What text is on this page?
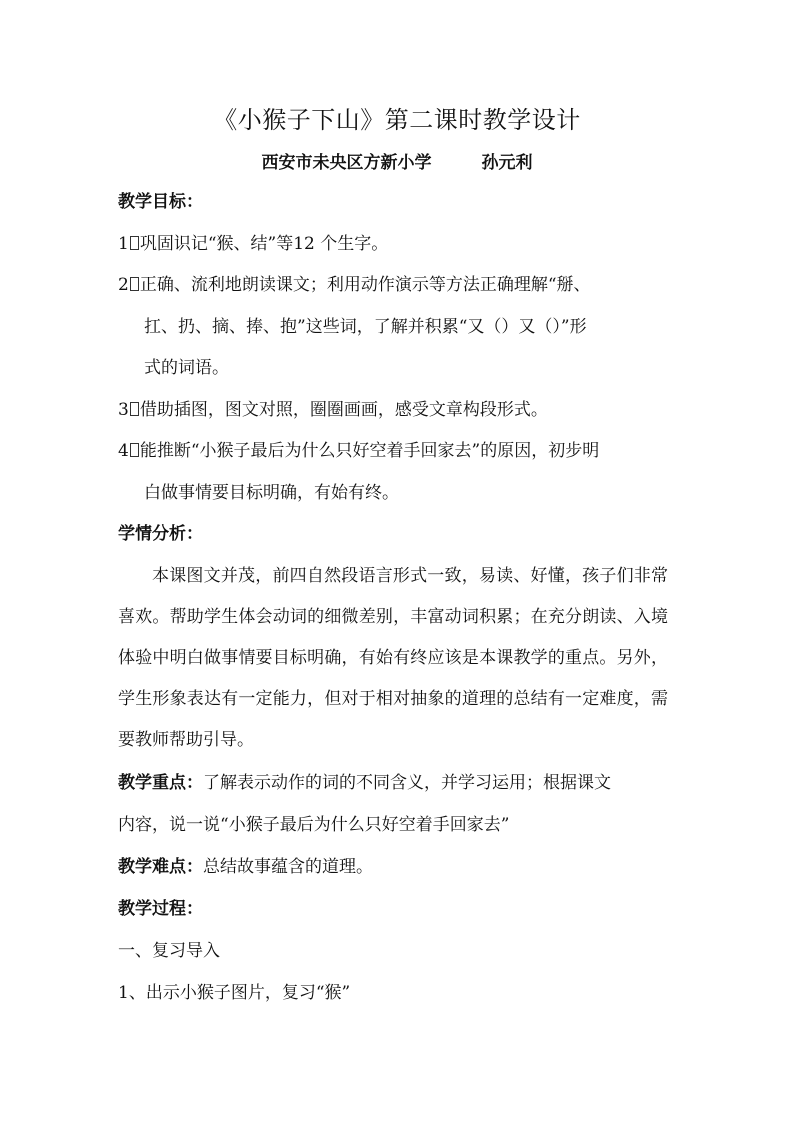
《小猴子下山》第二课时教学设计
西安市未央区方新小学	孙元利
教学目标：
1 巩固识记“猴、结”等12 个生字。
2 正确、流利地朗读课文；利用动作演示等方法正确理解“掰、
扛、扔、摘、捧、抱”这些词，了解并积累“又（）又（）”形
式的词语。
3 借助插图，图文对照，圈圈画画，感受文章构段形式。
4 能推断“小猴子最后为什么只好空着手回家去”的原因，初步明
白做事情要目标明确，有始有终。
学情分析：
本课图文并茂，前四自然段语言形式一致，易读、好懂，孩子们非常喜欢。帮助学生体会动词的细微差别，丰富动词积累；在充分朗读、入境体验中明白做事情要目标明确，有始有终应该是本课教学的重点。另外，学生形象表达有一定能力，但对于相对抽象的道理的总结有一定难度，需要教师帮助引导。
教学重点：了解表示动作的词的不同含义，并学习运用；根据课文
内容，说一说“小猴子最后为什么只好空着手回家去”
教学难点：总结故事蕴含的道理。
教学过程：
一、复习导入
1、出示小猴子图片，复习“猴”
